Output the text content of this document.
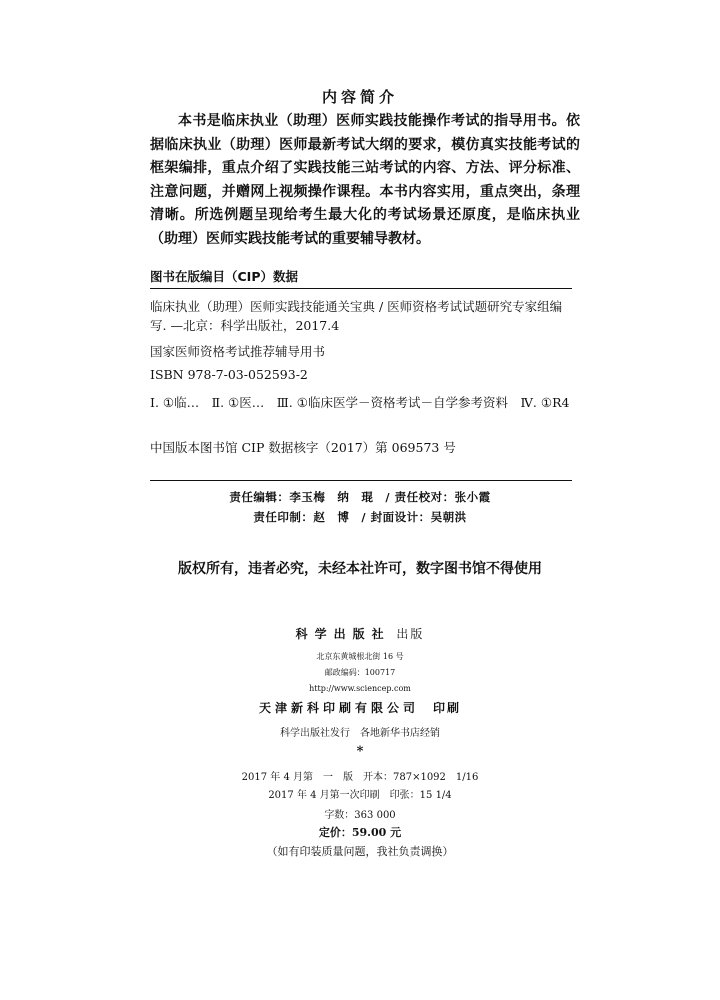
内容简介

本书是临床执业（助理）医师实践技能操作考试的指导用书。依据临床执业（助理）医师最新考试大纲的要求，模仿真实技能考试的框架编排，重点介绍了实践技能三站考试的内容、方法、评分标准、注意问题，并赠网上视频操作课程。本书内容实用，重点突出，条理清晰。所选例题呈现给考生最大化的考试场景还原度，是临床执业（助理）医师实践技能考试的重要辅导教材。

图书在版编目（CIP）数据

临床执业（助理）医师实践技能通关宝典 / 医师资格考试试题研究专家组编写. —北京：科学出版社，2017.4

国家医师资格考试推荐辅导用书

ISBN 978-7-03-052593-2

Ⅰ. ①临…　Ⅱ. ①医…　Ⅲ. ①临床医学－资格考试－自学参考资料　Ⅳ. ①R4

中国版本图书馆 CIP 数据核字（2017）第 069573 号

责任编辑：李玉梅　纳　琨　/ 责任校对：张小霞

责任印制：赵　博　/ 封面设计：吴朝洪

版权所有，违者必究，未经本社许可，数字图书馆不得使用

科学出版社 出版

北京东黄城根北街 16 号

邮政编码：100717

http://www.sciencep.com

天津新科印刷有限公司　 印刷

科学出版社发行　各地新华书店经销

*

2017 年 4 月第　一　版　开本：787×1092　1/16

2017 年 4 月第一次印刷　印张：15 1/4

字数：363 000

定价：59.00 元

（如有印装质量问题，我社负责调换）
